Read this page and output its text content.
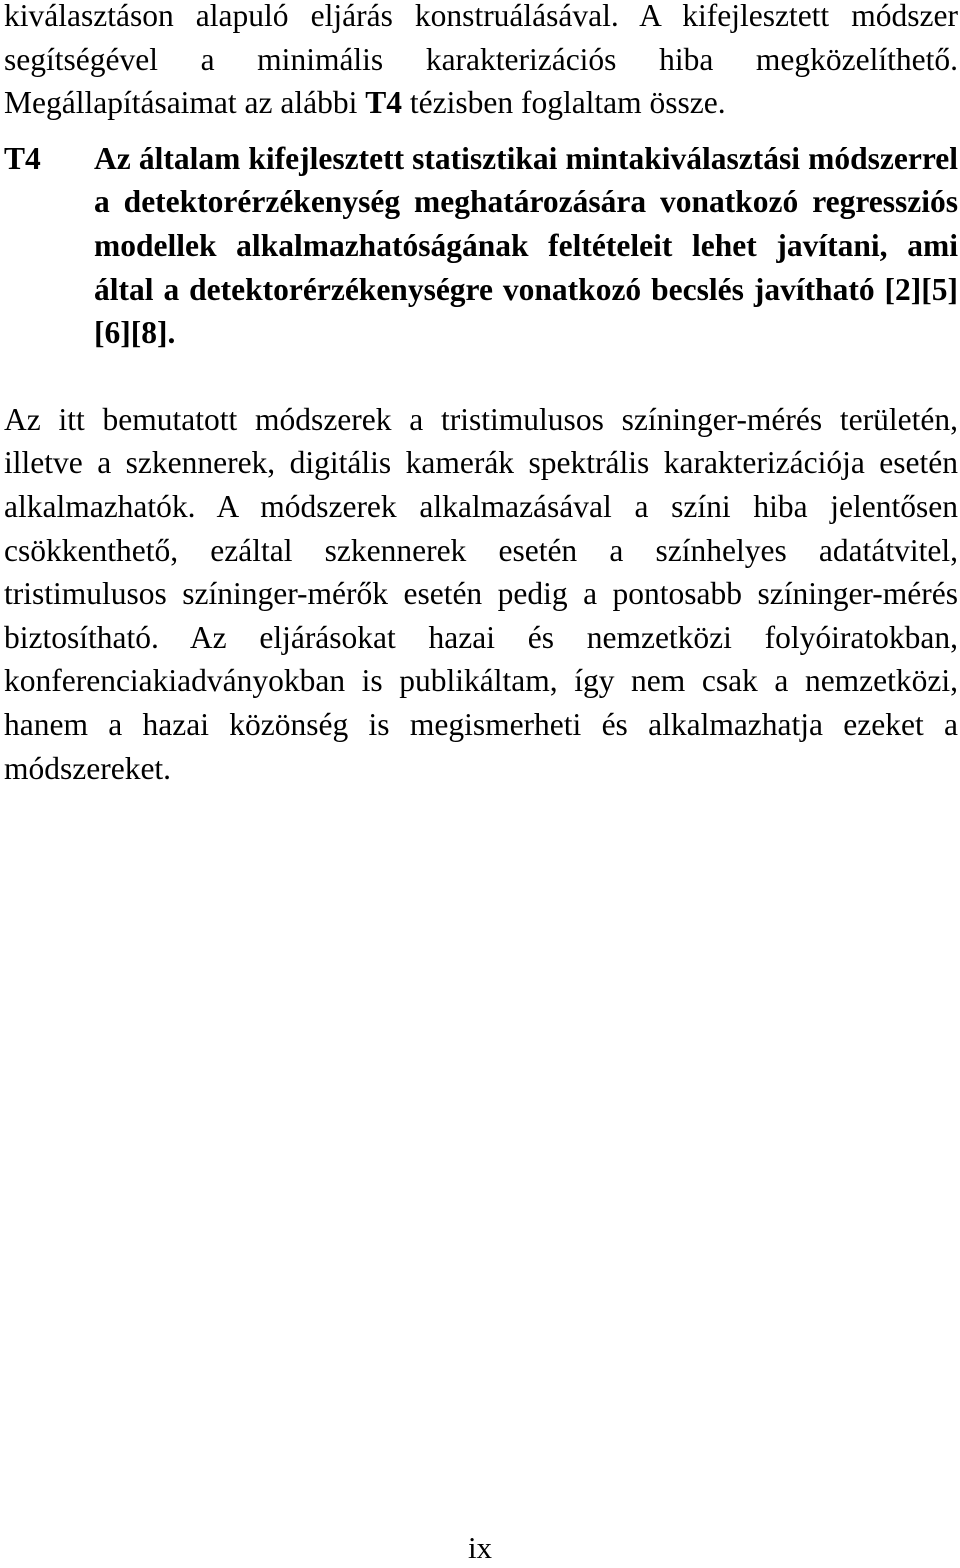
kiválasztáson alapuló eljárás konstruálásával. A kifejlesztett módszer segítségével a minimális karakterizációs hiba megközelíthető. Megállapításaimat az alábbi T4 tézisben foglaltam össze.

T4	Az általam kifejlesztett statisztikai mintakiválasztási módszerrel a detektorérzékenység meghatározására vonatkozó regressziós modellek alkalmazhatóságának feltételeit lehet javítani, ami által a detektorérzékenységre vonatkozó becslés javítható [2][5][6][8].

Az itt bemutatott módszerek a tristimulusos színinger-mérés területén, illetve a szkennerek, digitális kamerák spektrális karakterizációja esetén alkalmazhatók. A módszerek alkalmazásával a színi hiba jelentősen csökkenthető, ezáltal szkennerek esetén a színhelyes adatátvitel, tristimulusos színinger-mérők esetén pedig a pontosabb színinger-mérés biztosítható. Az eljárásokat hazai és nemzetközi folyóiratokban, konferenciakiadványokban is publikáltam, így nem csak a nemzetközi, hanem a hazai közönség is megismerheti és alkalmazhatja ezeket a módszereket.

ix
